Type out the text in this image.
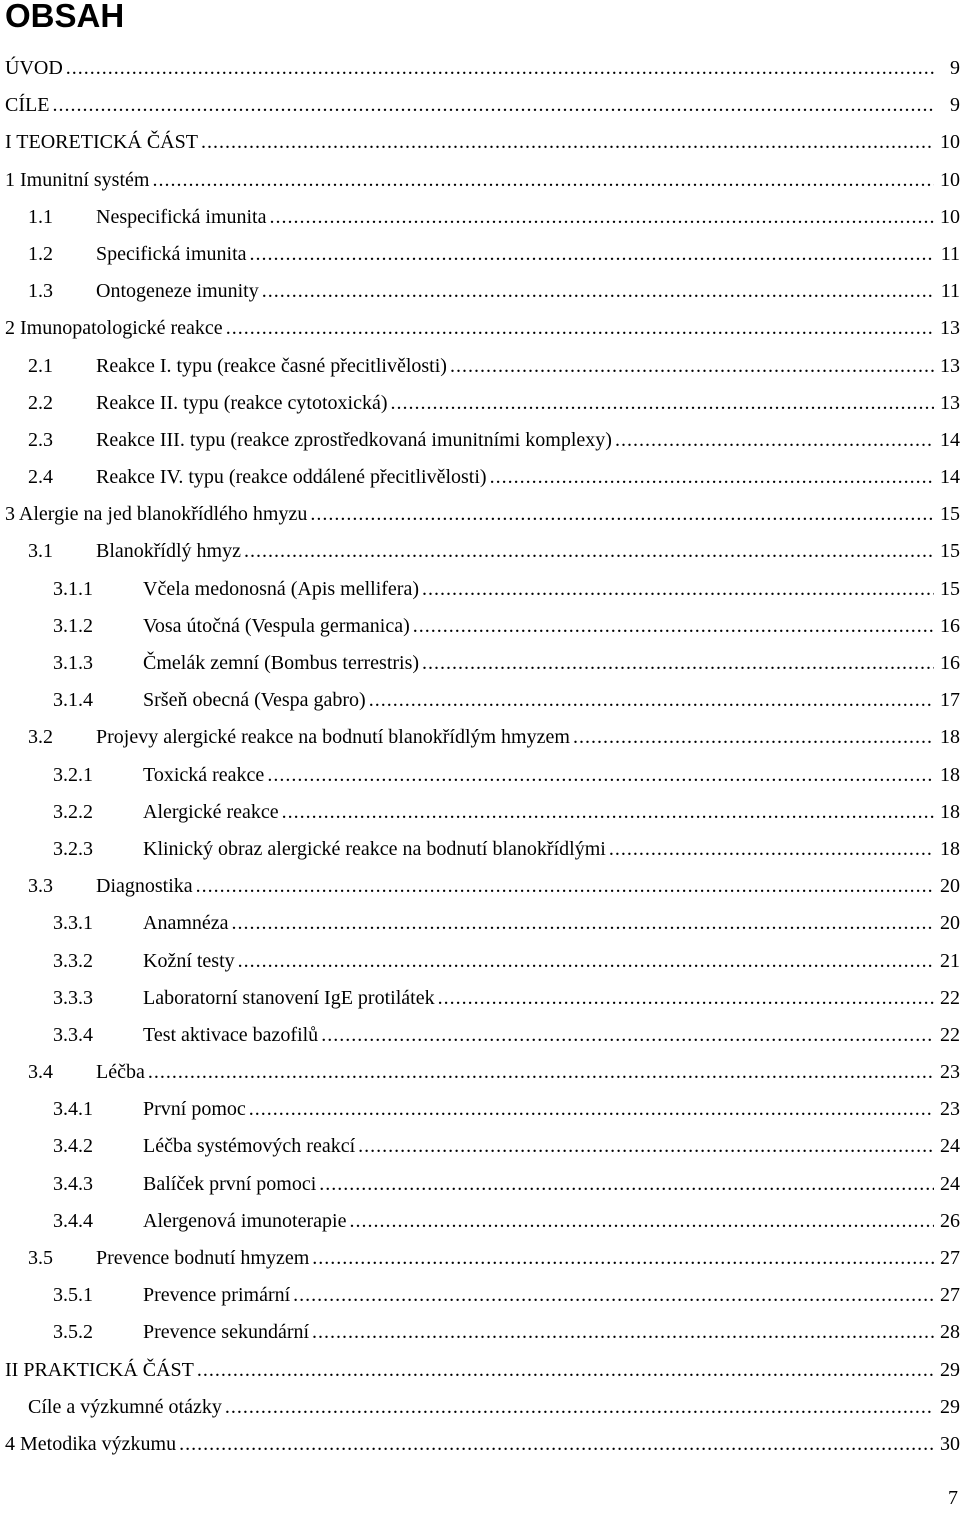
OBSAH
ÚVOD .....	9
CÍLE .....	9
I TEORETICKÁ ČÁST .....	10
1 Imunitní systém .....	10
1.1	Nespecifická imunita .....	10
1.2	Specifická imunita .....	11
1.3	Ontogeneze imunity .....	11
2 Imunopatologické reakce .....	13
2.1	Reakce I. typu (reakce časné přecitlivělosti) .....	13
2.2	Reakce II. typu (reakce cytotoxická) .....	13
2.3	Reakce III. typu (reakce zprostředkovaná imunitními komplexy) .....	14
2.4	Reakce IV. typu (reakce oddálené přecitlivělosti) .....	14
3 Alergie na jed blanokřídlého hmyzu .....	15
3.1	Blanokřídlý hmyz .....	15
3.1.1	Včela medonosná (Apis mellifera) .....	15
3.1.2	Vosa útočná (Vespula germanica) .....	16
3.1.3	Čmelák zemní (Bombus terrestris) .....	16
3.1.4	Sršeň obecná (Vespa gabro) .....	17
3.2	Projevy alergické reakce na bodnutí blanokřídlým hmyzem .....	18
3.2.1	Toxická reakce .....	18
3.2.2	Alergické reakce .....	18
3.2.3	Klinický obraz alergické reakce na bodnutí blanokřídlými .....	18
3.3	Diagnostika .....	20
3.3.1	Anamnéza .....	20
3.3.2	Kožní testy .....	21
3.3.3	Laboratorní stanovení IgE protilátek .....	22
3.3.4	Test aktivace bazofilů .....	22
3.4	Léčba .....	23
3.4.1	První pomoc .....	23
3.4.2	Léčba systémových reakcí .....	24
3.4.3	Balíček první pomoci .....	24
3.4.4	Alergenová imunoterapie .....	26
3.5	Prevence bodnutí hmyzem .....	27
3.5.1	Prevence primární .....	27
3.5.2	Prevence sekundární .....	28
II PRAKTICKÁ ČÁST .....	29
Cíle a výzkumné otázky .....	29
4 Metodika výzkumu .....	30
7
